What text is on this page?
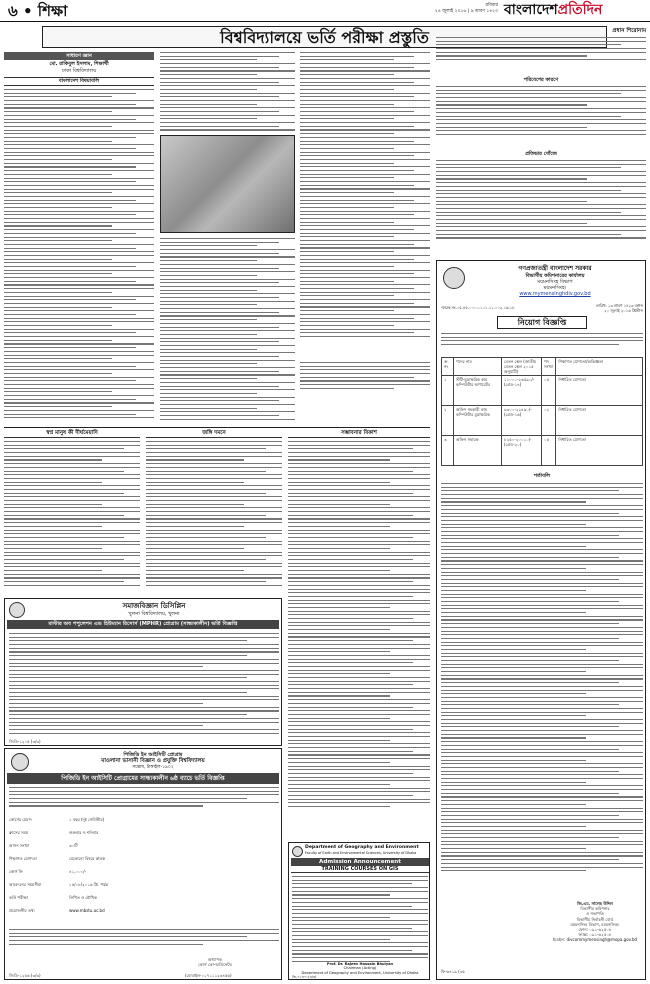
৬ • শিক্ষা	রবিবার
২৪ জুলাই ২০১৬ | ৯ শ্রাবণ ১৪২৩ বাংলাদেশপ্রতিদিন
বিশ্ববিদ্যালয়ে ভর্তি পরীক্ষা প্রস্তুতি
সাধারণ জ্ঞান
মো. রাকিবুল ইসলাম, শিক্ষার্থী
ঢাকা বিশ্ববিদ্যালয়
বাংলাদেশ বিষয়াবলি
স্বপ্ন মানুষ কী দীর্ঘমেয়াদি	জঙ্গি দমনে	সম্ভাবনার বিকাশ
সমাজবিজ্ঞান ডিসিপ্লিন
খুলনা বিশ্ববিদ্যালয়, খুলনা
মাস্টার অব পপুলেশন এন্ড হিউম্যান রিসোর্স (MPHR) প্রোগ্রাম (সান্ধ্যকালীন) ভর্তি বিজ্ঞপ্তি
জিডি-১২০৫ (৩/৩)
পিজিডি ইন আইসিটি প্রোগ্রাম
মাওলানা ভাসানী বিজ্ঞান ও প্রযুক্তি বিশ্ববিদ্যালয়
সন্তোষ, টাঙ্গাইল-১৯০২
পিজিডি ইন আইসিটি প্রোগ্রামের সান্ধ্যকালীন ৬ষ্ঠ ব্যাচে ভর্তি বিজ্ঞপ্তি
কোর্সের মেয়াদ	১ বছর (দুই সেমিস্টার)
ক্লাসের সময়	শুক্রবার ও শনিবার
আসন সংখ্যা	৩০টি
শিক্ষাগত যোগ্যতা	যেকোনো বিষয়ে স্নাতক
কোর্স ফি	৪১,০০০/-
আবেদনের সময়সীমা	১৫/০৮/২০১৬ খ্রি. পর্যন্ত
ভর্তি পরীক্ষা	লিখিত ও মৌখিক
প্রয়োজনীয় তথ্য	www.mbstu.ac.bd
অধ্যাপক
কোর্স কো-অর্ডিনেটর
জিডি-১২৫৬ (৩/৩)	(মোবাইল-০১৭১১১২৩৪৫৬)
Department of Geography and Environment
Faculty of Earth and Environmental Sciences, University of Dhaka
Admission Announcement
TRAINING COURSES ON GIS
Prof. Dr. Rajeev Hossain Bhuiyan
Chairman (Acting)
Department of Geography and Environment, University of Dhaka
জি-৭১৩০১(৩/৩)
প্রধান শিরোনাম
পরিবেশের কারণে
প্রতিভার খোঁজে
গণপ্রজাতন্ত্রী বাংলাদেশ সরকার
বিভাগীয় কমিশনারের কার্যালয়
ময়মনসিংহ বিভাগ
ময়মনসিংহ।
www.mymensinghdiv.gov.bd
স্মারক নং-০৫.৪৫.০০০০.১০১.১১.০০২.১৬-১৮	তারিখ: ১৩ শ্রাবণ ১৪২৩ বঙ্গাব্দ
২০ জুলাই ২০১৬ খ্রিস্টাব্দ
নিয়োগ বিজ্ঞপ্তি
ক্র. নং	পদের নাম	বেতন স্কেল (জাতীয় বেতন স্কেল ২০১৫ অনুযায়ী)	পদ সংখ্যা	শিক্ষাগত যোগ্যতা/অভিজ্ঞতা
১	স্টাঁট-মুদ্রাক্ষরিক কাম কম্পিউটার অপারেটর	১১০০০-২৬৫৯০/- (গ্রেড-১৪)	০৫	নির্ধারিত যোগ্যতা
২	অফিস সহকারী কাম কম্পিউটার মুদ্রাক্ষরিক	৯৩০০-২২৪৯০/- (গ্রেড-১৬)	০২	নির্ধারিত যোগ্যতা
৩	অফিস সহায়ক	৮২৫০-২০০১০/- (গ্রেড-২০)	০৫	নির্ধারিত যোগ্যতা
শর্তাবলি
জি.এম. সালেহ উদ্দিন
বিভাগীয় কমিশনার
ও সভাপতি
বিভাগীয় নির্বাচনী বোর্ড
ময়মনসিংহ বিভাগ, ময়মনসিংহ।
ফোন: ০৯১-৬২৫০৮
ফ্যাক্স: ০৯১-৬২৫০৮
ইমেইল: divcommymensingh@mopa.gov.bd
ফি-৬৪১৯ (৩৫
